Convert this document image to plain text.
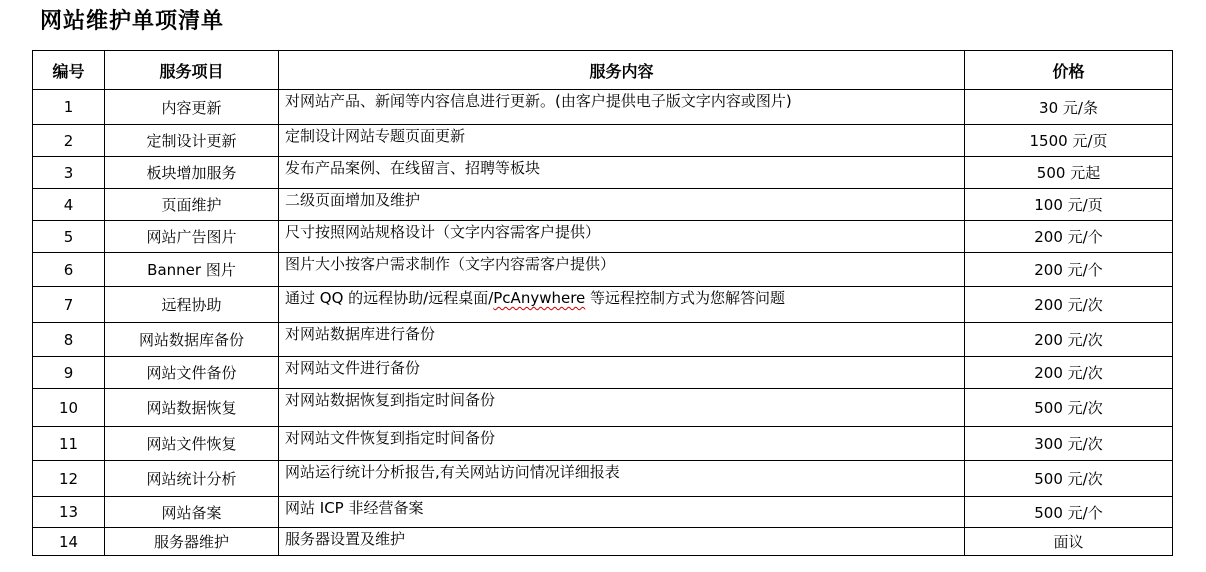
网站维护单项清单
编号	服务项目	服务内容	价格
1	内容更新	对网站产品、新闻等内容信息进行更新。(由客户提供电子版文字内容或图片)	30 元/条
2	定制设计更新	定制设计网站专题页面更新	1500 元/页
3	板块增加服务	发布产品案例、在线留言、招聘等板块	500 元起
4	页面维护	二级页面增加及维护	100 元/页
5	网站广告图片	尺寸按照网站规格设计（文字内容需客户提供）	200 元/个
6	Banner 图片	图片大小按客户需求制作（文字内容需客户提供）	200 元/个
7	远程协助	通过 QQ 的远程协助/远程桌面/PcAnywhere 等远程控制方式为您解答问题	200 元/次
8	网站数据库备份	对网站数据库进行备份	200 元/次
9	网站文件备份	对网站文件进行备份	200 元/次
10	网站数据恢复	对网站数据恢复到指定时间备份	500 元/次
11	网站文件恢复	对网站文件恢复到指定时间备份	300 元/次
12	网站统计分析	网站运行统计分析报告,有关网站访问情况详细报表	500 元/次
13	网站备案	网站 ICP 非经营备案	500 元/个
14	服务器维护	服务器设置及维护	面议
